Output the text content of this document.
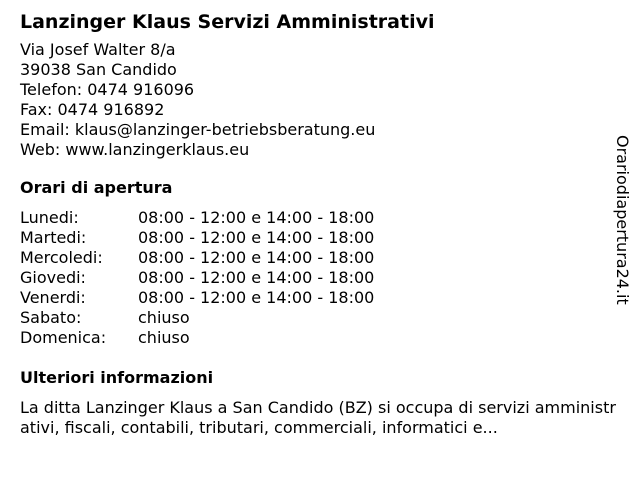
Lanzinger Klaus Servizi Amministrativi
Via Josef Walter 8/a
39038 San Candido
Telefon: 0474 916096
Fax: 0474 916892
Email: klaus@lanzinger-betriebsberatung.eu
Web: www.lanzingerklaus.eu
Orari di apertura
Lunedi:	08:00 - 12:00 e 14:00 - 18:00
Martedi:	08:00 - 12:00 e 14:00 - 18:00
Mercoledi:	08:00 - 12:00 e 14:00 - 18:00
Giovedi:	08:00 - 12:00 e 14:00 - 18:00
Venerdi:	08:00 - 12:00 e 14:00 - 18:00
Sabato:	chiuso
Domenica:	chiuso
Ulteriori informazioni
La ditta Lanzinger Klaus a San Candido (BZ) si occupa di servizi amministrativi, fiscali, contabili, tributari, commerciali, informatici e...
Orariodiapertura24.it
